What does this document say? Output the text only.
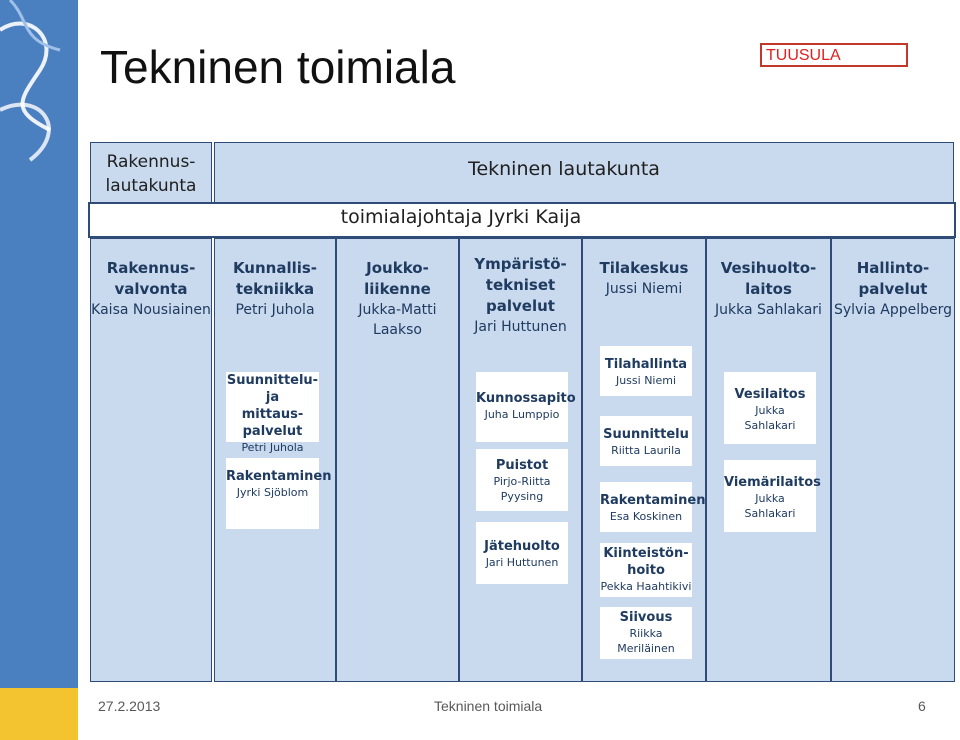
Tekninen toimiala	TUUSULA
Rakennus-
lautakunta
Tekninen lautakunta
toimialajohtaja Jyrki Kaija
Rakennus-
valvonta
Kaisa Nousiainen
Kunnallis-
tekniikka
Petri Juhola
Joukko-
liikenne
Jukka-Matti
Laakso
Ympäristö-
tekniset
palvelut
Jari Huttunen
Tilakeskus
Jussi Niemi
Vesihuolto-
laitos
Jukka Sahlakari
Hallinto-
palvelut
Sylvia Appelberg
Suunnittelu- ja
mittaus-
palvelut
Petri Juhola
Rakentaminen
Jyrki Sjöblom
Kunnossapito
Juha Lumppio
Puistot
Pirjo-Riitta
Pyysing
Jätehuolto
Jari Huttunen
Tilahallinta
Jussi Niemi
Suunnittelu
Riitta Laurila
Rakentaminen
Esa Koskinen
Kiinteistön-
hoito
Pekka Haahtikivi
Siivous
Riikka
Meriläinen
Vesilaitos
Jukka
Sahlakari
Viemärilaitos
Jukka
Sahlakari
27.2.2013	Tekninen toimiala	6
